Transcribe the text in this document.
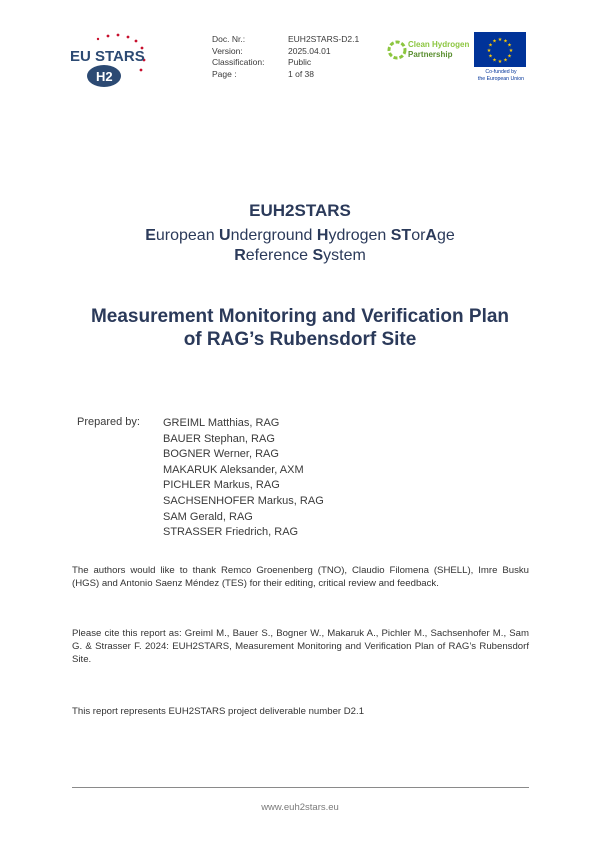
EU STARS
H2
Doc. Nr.:	EUH2STARS-D2.1
Version:	2025.04.01
Classification:	Public
Page :	1 of 38
Clean Hydrogen
Partnership	★
★
★
★
★
★
★
★
★ ★ ★
★
Co-funded by
the European Union
EUH2STARS
European Underground Hydrogen STorAge
Reference System
Measurement Monitoring and Verification Plan
of RAG’s Rubensdorf Site
Prepared by: GREIML Matthias, RAG
BAUER Stephan, RAG
BOGNER Werner, RAG
MAKARUK Aleksander, AXM
PICHLER Markus, RAG
SACHSENHOFER Markus, RAG
SAM Gerald, RAG
STRASSER Friedrich, RAG
The authors would like to thank Remco Groenenberg (TNO), Claudio Filomena (SHELL), Imre Busku (HGS) and Antonio Saenz Méndez (TES) for their editing, critical review and feedback.
Please cite this report as: Greiml M., Bauer S., Bogner W., Makaruk A., Pichler M., Sachsenhofer M., Sam G. & Strasser F. 2024: EUH2STARS, Measurement Monitoring and Verification Plan of RAG’s Rubensdorf Site.
This report represents EUH2STARS project deliverable number D2.1
www.euh2stars.eu
